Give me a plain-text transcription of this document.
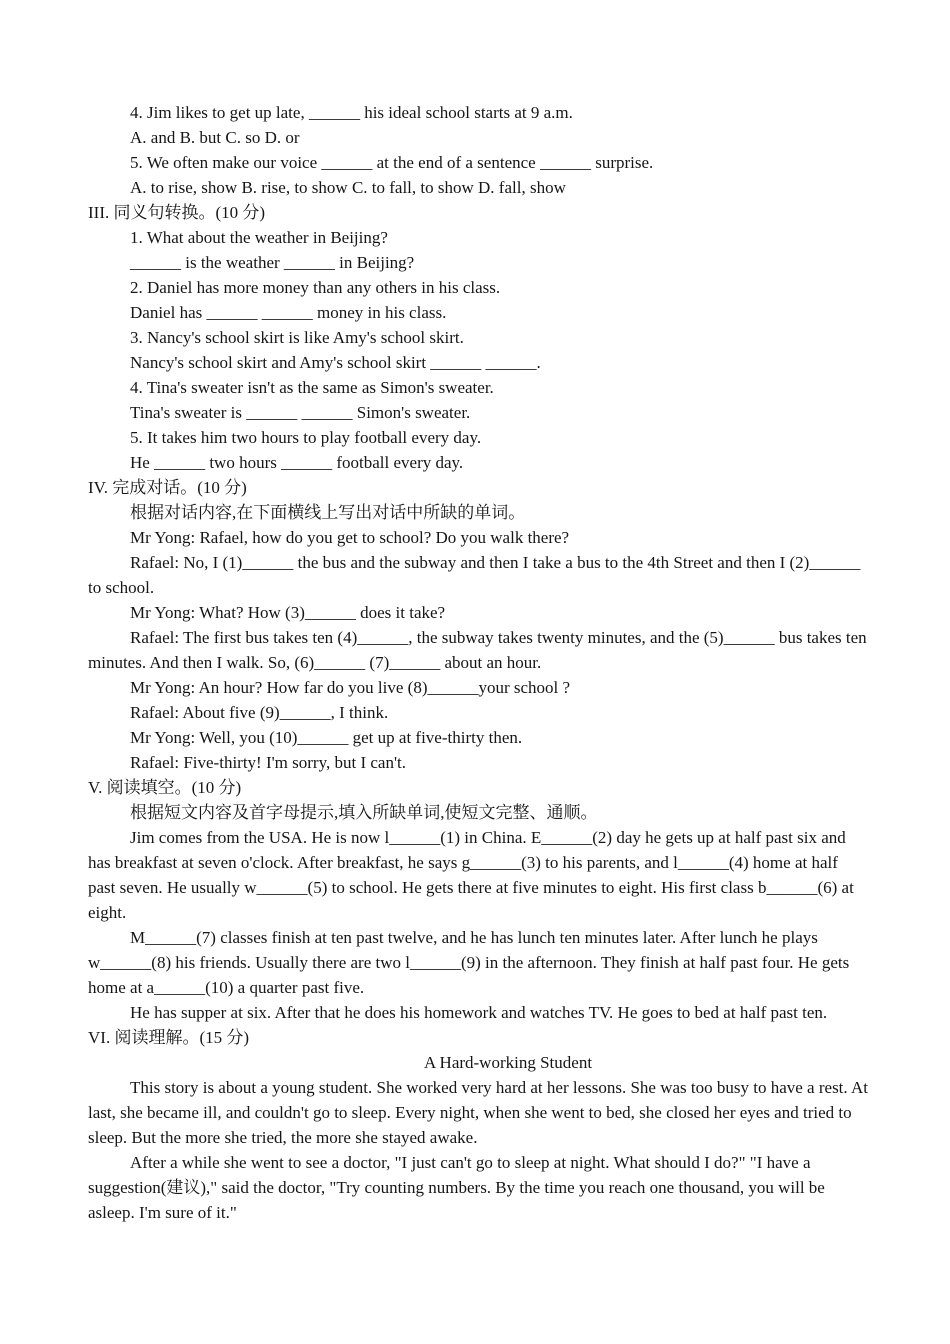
4. Jim likes to get up late, ______ his ideal school starts at 9 a.m.
A. and B. but C. so D. or
5. We often make our voice ______ at the end of a sentence ______ surprise.
A. to rise, show B. rise, to show C. to fall, to show D. fall, show
III. 同义句转换。(10 分)
1. What about the weather in Beijing?
______ is the weather ______ in Beijing?
2. Daniel has more money than any others in his class.
Daniel has ______ ______ money in his class.
3. Nancy's school skirt is like Amy's school skirt.
Nancy's school skirt and Amy's school skirt ______ ______.
4. Tina's sweater isn't as the same as Simon's sweater.
Tina's sweater is ______ ______ Simon's sweater.
5. It takes him two hours to play football every day.
He ______ two hours ______ football every day.
IV. 完成对话。(10 分)
根据对话内容,在下面横线上写出对话中所缺的单词。
Mr Yong: Rafael, how do you get to school? Do you walk there?
Rafael: No, I (1)______ the bus and the subway and then I take a bus to the 4th Street and then I (2)______
to school.
Mr Yong: What? How (3)______ does it take?
Rafael: The first bus takes ten (4)______, the subway takes twenty minutes, and the (5)______ bus takes ten
minutes. And then I walk. So, (6)______ (7)______ about an hour.
Mr Yong: An hour? How far do you live (8)______your school ?
Rafael: About five (9)______, I think.
Mr Yong: Well, you (10)______ get up at five-thirty then.
Rafael: Five-thirty! I'm sorry, but I can't.
V. 阅读填空。(10 分)
根据短文内容及首字母提示,填入所缺单词,使短文完整、通顺。
Jim comes from the USA. He is now l______(1) in China. E______(2) day he gets up at half past six and
has breakfast at seven o'clock. After breakfast, he says g______(3) to his parents, and l______(4) home at half
past seven. He usually w______(5) to school. He gets there at five minutes to eight. His first class b______(6) at
eight.
M______(7) classes finish at ten past twelve, and he has lunch ten minutes later. After lunch he plays
w______(8) his friends. Usually there are two l______(9) in the afternoon. They finish at half past four. He gets
home at a______(10) a quarter past five.
He has supper at six. After that he does his homework and watches TV. He goes to bed at half past ten.
VI. 阅读理解。(15 分)
A Hard-working Student
This story is about a young student. She worked very hard at her lessons. She was too busy to have a rest. At
last, she became ill, and couldn't go to sleep. Every night, when she went to bed, she closed her eyes and tried to
sleep. But the more she tried, the more she stayed awake.
After a while she went to see a doctor, "I just can't go to sleep at night. What should I do?" "I have a
suggestion(建议)," said the doctor, "Try counting numbers. By the time you reach one thousand, you will be
asleep. I'm sure of it."
